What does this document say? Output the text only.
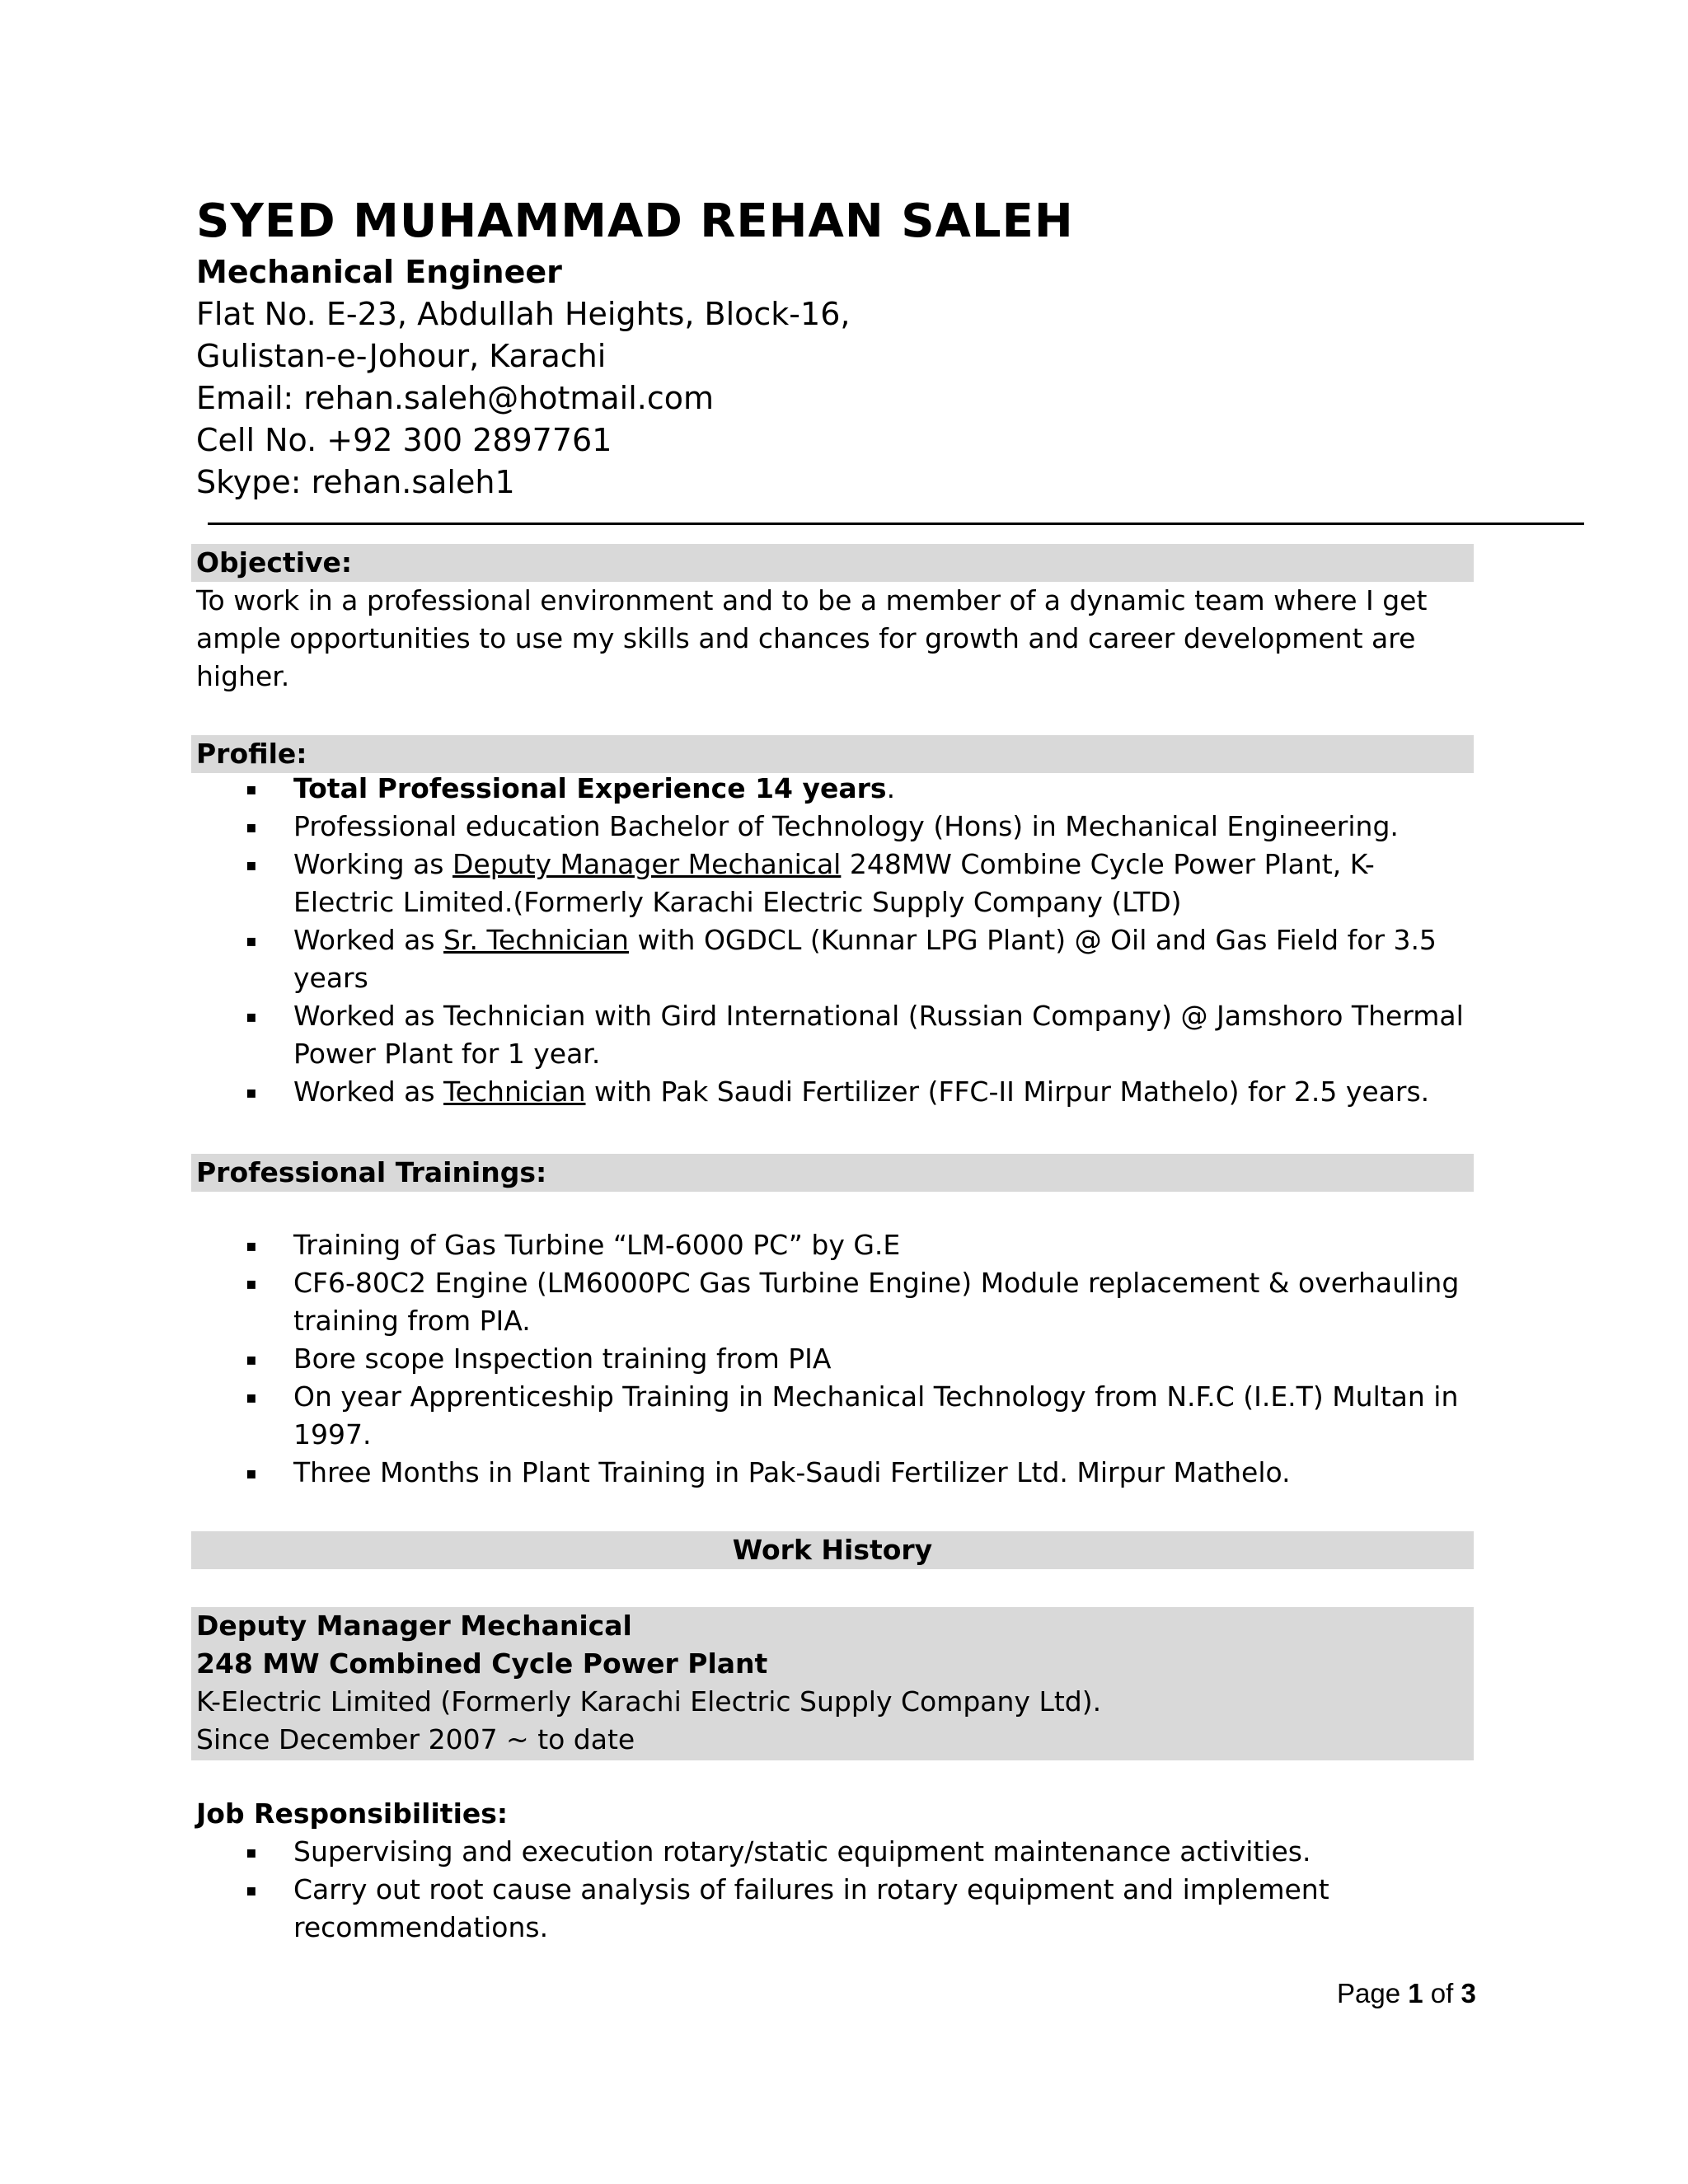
SYED MUHAMMAD REHAN SALEH
Mechanical Engineer
Flat No. E-23, Abdullah Heights, Block-16,
Gulistan-e-Johour, Karachi
Email: rehan.saleh@hotmail.com
Cell No. +92 300 2897761
Skype: rehan.saleh1
Objective:
To work in a professional environment and to be a member of a dynamic team where I get ample opportunities to use my skills and chances for growth and career development are higher.
Profile:
▪ Total Professional Experience 14 years.
▪ Professional education Bachelor of Technology (Hons) in Mechanical Engineering.
▪ Working as Deputy Manager Mechanical 248MW Combine Cycle Power Plant, K-Electric Limited.(Formerly Karachi Electric Supply Company (LTD)
▪ Worked as Sr. Technician with OGDCL (Kunnar LPG Plant) @ Oil and Gas Field for 3.5 years
▪ Worked as Technician with Gird International (Russian Company) @ Jamshoro Thermal Power Plant for 1 year.
▪ Worked as Technician with Pak Saudi Fertilizer (FFC-II Mirpur Mathelo) for 2.5 years.
Professional Trainings:
▪ Training of Gas Turbine “LM-6000 PC” by G.E
▪ CF6-80C2 Engine (LM6000PC Gas Turbine Engine) Module replacement & overhauling training from PIA.
▪ Bore scope Inspection training from PIA
▪ On year Apprenticeship Training in Mechanical Technology from N.F.C (I.E.T) Multan in 1997.
▪ Three Months in Plant Training in Pak-Saudi Fertilizer Ltd. Mirpur Mathelo.
Work History
Deputy Manager Mechanical
248 MW Combined Cycle Power Plant
K-Electric Limited (Formerly Karachi Electric Supply Company Ltd).
Since December 2007 ~ to date
Job Responsibilities:
▪ Supervising and execution rotary/static equipment maintenance activities.
▪ Carry out root cause analysis of failures in rotary equipment and implement recommendations.
Page 1 of 3
